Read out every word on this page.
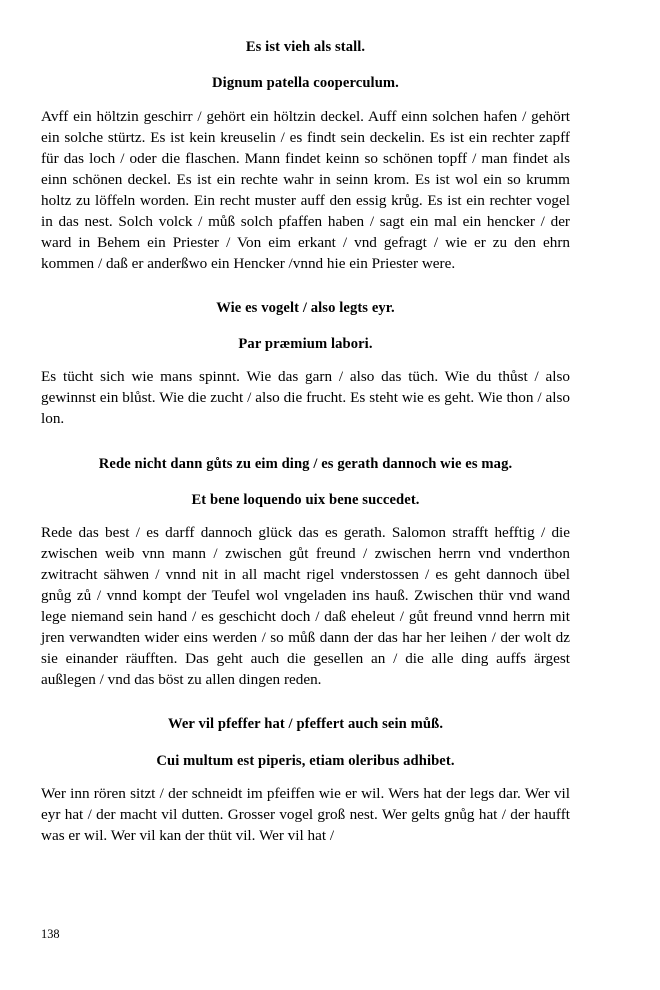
Es ist vieh als stall.

Dignum patella cooperculum.

Avff ein höltzin geschirr / gehört ein höltzin deckel. Auff einn solchen hafen / gehört ein solche stürtz. Es ist kein kreuselin / es findt sein deckelin. Es ist ein rechter zapff für das loch / oder die flaschen. Mann findet keinn so schönen topff / man findet als einn schönen deckel. Es ist ein rechte wahr in seinn krom. Es ist wol ein so krumm holtz zu löffeln worden. Ein recht muster auff den essig krůg. Es ist ein rechter vogel in das nest. Solch volck / můß solch pfaffen haben / sagt ein mal ein hencker / der ward in Behem ein Priester / Von eim erkant / vnd gefragt / wie er zu den ehrn kommen / daß er anderßwo ein Hencker /vnnd hie ein Priester were.

Wie es vogelt / also legts eyr.

Par præmium labori.

Es tücht sich wie mans spinnt. Wie das garn / also das tüch. Wie du thůst / also gewinnst ein blůst. Wie die zucht / also die frucht. Es steht wie es geht. Wie thon / also lon.

Rede nicht dann gůts zu eim ding / es gerath dannoch wie es mag.

Et bene loquendo uix bene succedet.

Rede das best / es darff dannoch glück das es gerath. Salomon strafft hefftig / die zwischen weib vnn mann / zwischen gůt freund / zwischen herrn vnd vnderthon zwitracht sähwen / vnnd nit in all macht rigel vnderstossen / es geht dannoch übel gnůg zů / vnnd kompt der Teufel wol vngeladen ins hauß. Zwischen thür vnd wand lege niemand sein hand / es geschicht doch / daß eheleut / gůt freund vnnd herrn mit jren verwandten wider eins werden / so můß dann der das har her leihen / der wolt dz sie einander räufften. Das geht auch die gesellen an / die alle ding auffs ärgest außlegen / vnd das böst zu allen dingen reden.

Wer vil pfeffer hat / pfeffert auch sein můß.

Cui multum est piperis, etiam oleribus adhibet.

Wer inn rören sitzt / der schneidt im pfeiffen wie er wil. Wers hat der legs dar. Wer vil eyr hat / der macht vil dutten. Grosser vogel groß nest. Wer gelts gnůg hat / der haufft was er wil. Wer vil kan der thüt vil. Wer vil hat /

138
